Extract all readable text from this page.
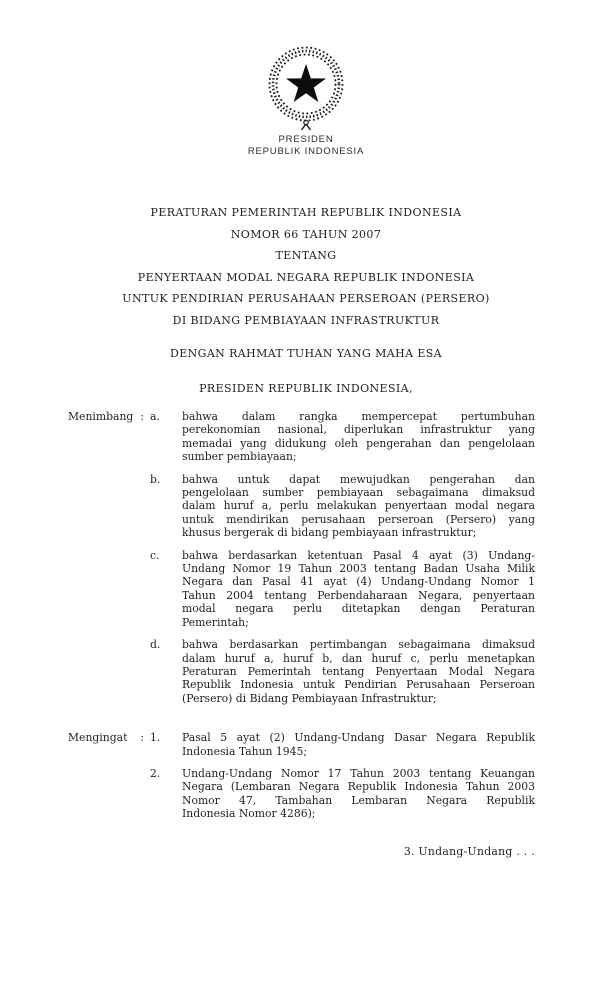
PRESIDEN
REPUBLIK INDONESIA
PERATURAN PEMERINTAH REPUBLIK INDONESIA
NOMOR 66 TAHUN 2007
TENTANG
PENYERTAAN MODAL NEGARA REPUBLIK INDONESIA
UNTUK PENDIRIAN PERUSAHAAN PERSEROAN (PERSERO)
DI BIDANG PEMBIAYAAN INFRASTRUKTUR
DENGAN RAHMAT TUHAN YANG MAHA ESA
PRESIDEN REPUBLIK INDONESIA,
Menimbang : a.	bahwa dalam rangka mempercepat pertumbuhan
perekonomian nasional, diperlukan infrastruktur yang
memadai yang didukung oleh pengerahan dan pengelolaan
sumber pembiayaan;
b.	bahwa untuk dapat mewujudkan pengerahan dan
pengelolaan sumber pembiayaan sebagaimana dimaksud
dalam huruf a, perlu melakukan penyertaan modal negara
untuk mendirikan perusahaan perseroan (Persero) yang
khusus bergerak di bidang pembiayaan infrastruktur;
c.	bahwa berdasarkan ketentuan Pasal 4 ayat (3) Undang-
Undang Nomor 19 Tahun 2003 tentang Badan Usaha Milik
Negara dan Pasal 41 ayat (4) Undang-Undang Nomor 1
Tahun 2004 tentang Perbendaharaan Negara, penyertaan
modal negara perlu ditetapkan dengan Peraturan
Pemerintah;
d.	bahwa berdasarkan pertimbangan sebagaimana dimaksud
dalam huruf a, huruf b, dan huruf c, perlu menetapkan
Peraturan Pemerintah tentang Penyertaan Modal Negara
Republik Indonesia untuk Pendirian Perusahaan Perseroan
(Persero) di Bidang Pembiayaan Infrastruktur;
Mengingat : 1.	Pasal 5 ayat (2) Undang-Undang Dasar Negara Republik
Indonesia Tahun 1945;
2.	Undang-Undang Nomor 17 Tahun 2003 tentang Keuangan
Negara (Lembaran Negara Republik Indonesia Tahun 2003
Nomor 47, Tambahan Lembaran Negara Republik
Indonesia Nomor 4286);
3. Undang-Undang . . .
